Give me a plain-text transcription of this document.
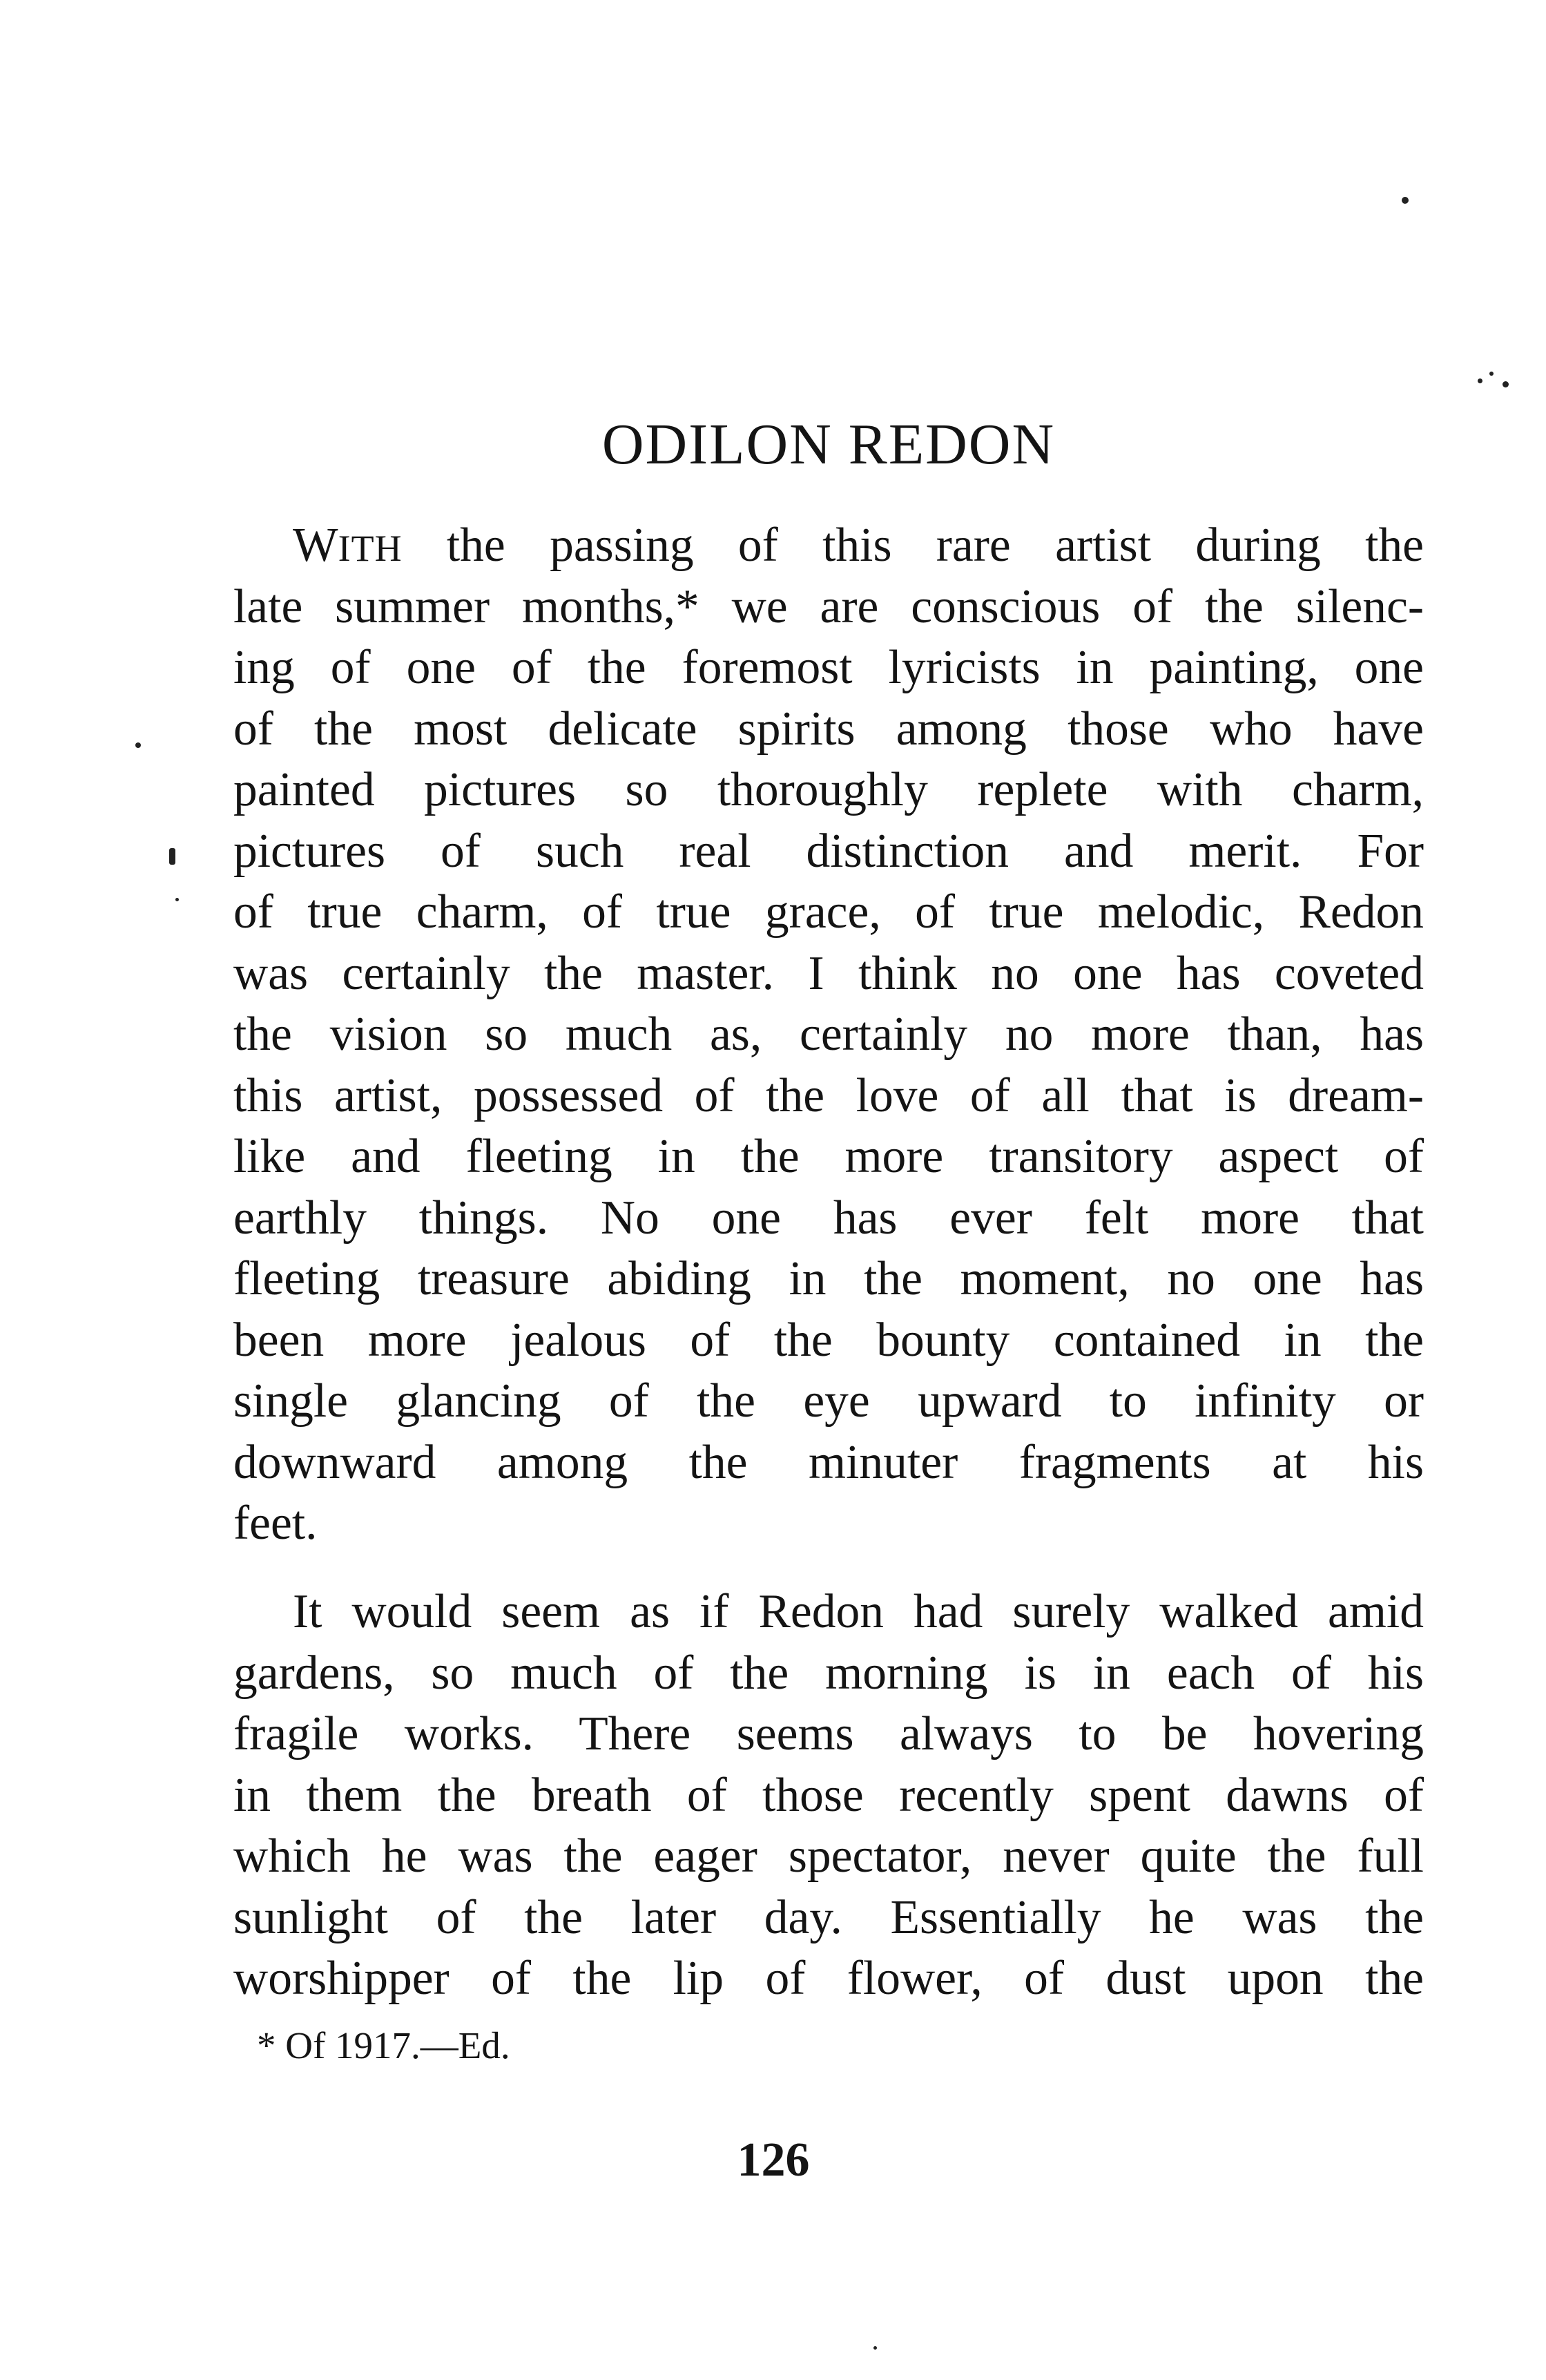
ODILON REDON
WITH the passing of this rare artist during the
late summer months,* we are conscious of the silenc-
ing of one of the foremost lyricists in painting, one
of the most delicate spirits among those who have
painted pictures so thoroughly replete with charm,
pictures of such real distinction and merit. For
of true charm, of true grace, of true melodic, Redon
was certainly the master. I think no one has coveted
the vision so much as, certainly no more than, has
this artist, possessed of the love of all that is dream-
like and fleeting in the more transitory aspect of
earthly things. No one has ever felt more that
fleeting treasure abiding in the moment, no one has
been more jealous of the bounty contained in the
single glancing of the eye upward to infinity or
downward among the minuter fragments at his
feet.
It would seem as if Redon had surely walked amid
gardens, so much of the morning is in each of his
fragile works. There seems always to be hovering
in them the breath of those recently spent dawns of
which he was the eager spectator, never quite the full
sunlight of the later day. Essentially he was the
worshipper of the lip of flower, of dust upon the
* Of 1917.—Ed.
126
